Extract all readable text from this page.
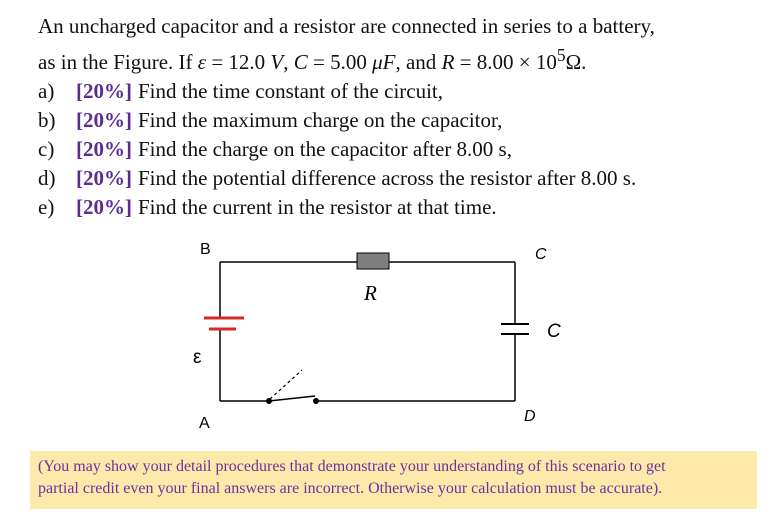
An uncharged capacitor and a resistor are connected in series to a battery,
as in the Figure. If ε = 12.0 V, C = 5.00 μF, and $R = 8.00 \times 10^5\Omega$.
a)	[20%] Find the time constant of the circuit,
b) [20%] Find the maximum charge on the capacitor,
c)	[20%] Find the charge on the capacitor after 8.00 s,
d) [20%] Find the potential difference across the resistor after 8.00 s.
e)	[20%] Find the current in the resistor at that time.
B	C
R
C
ε
A	D
(You may show your detail procedures that demonstrate your understanding of this scenario to get
partial credit even your final answers are incorrect. Otherwise your calculation must be accurate).
